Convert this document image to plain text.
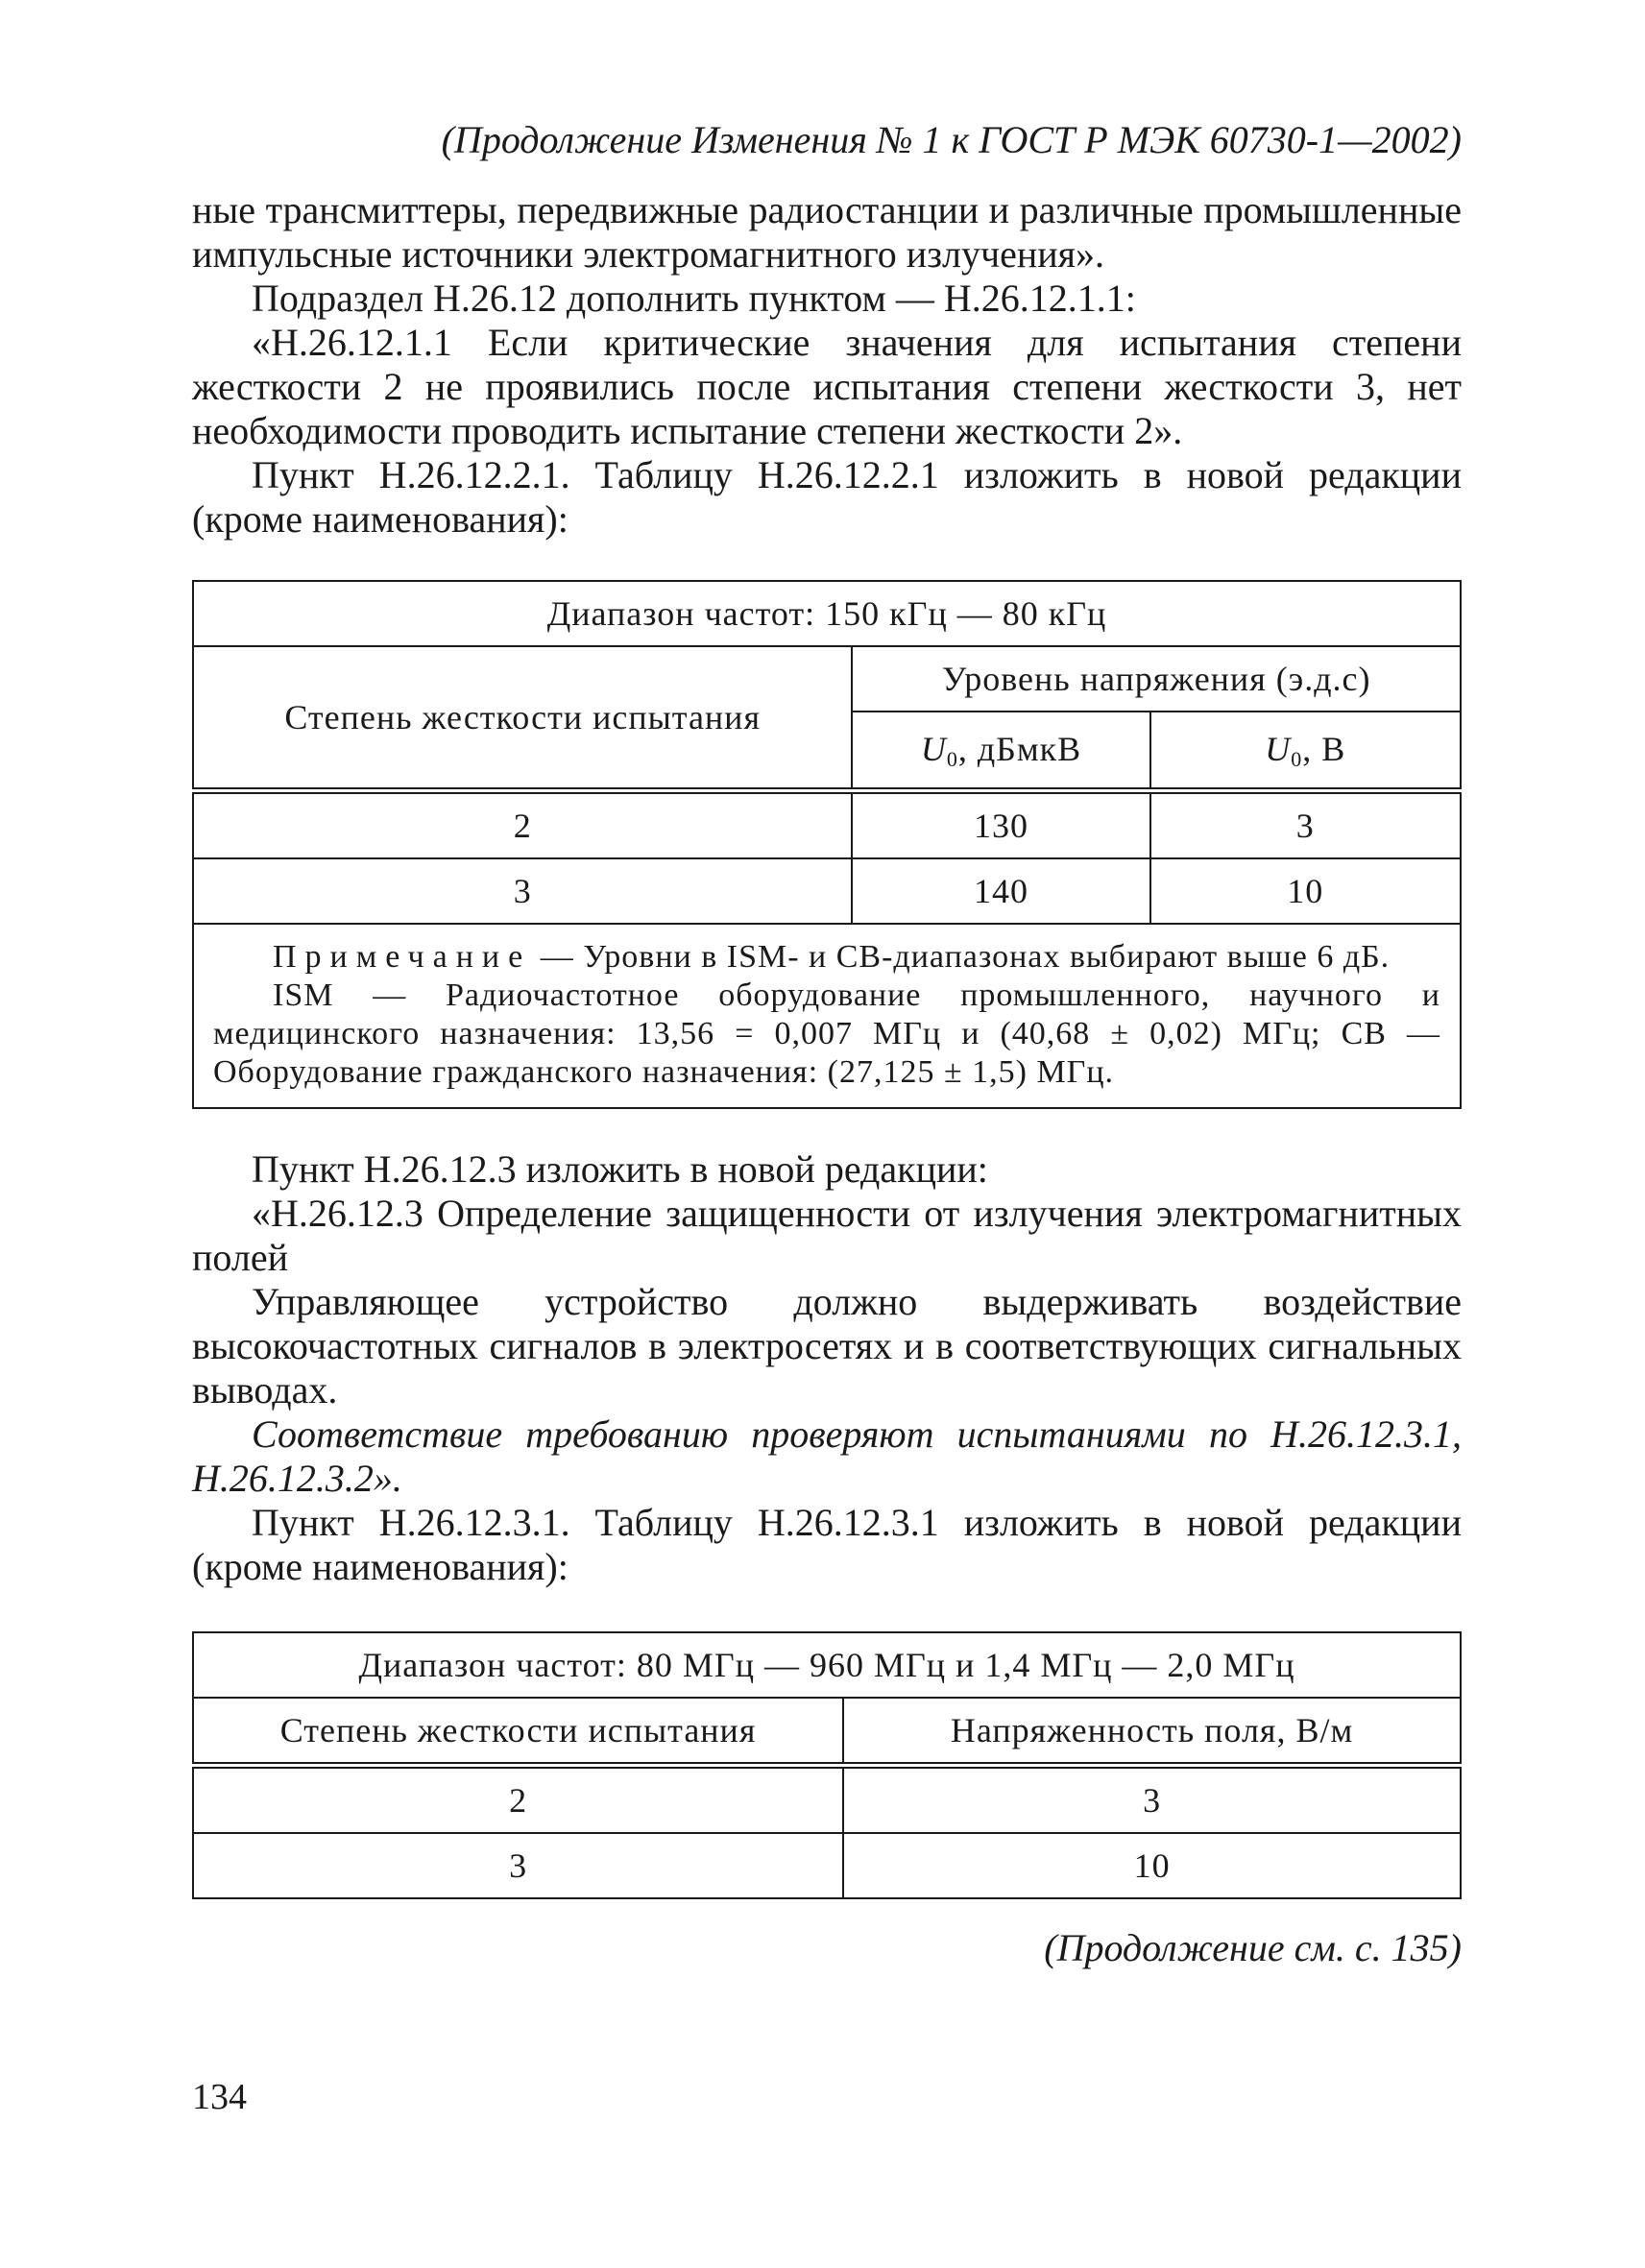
(Продолжение Изменения № 1 к ГОСТ Р МЭК 60730-1—2002)

ные трансмиттеры, передвижные радиостанции и различные промышленные импульсные источники электромагнитного излучения».

Подраздел Н.26.12 дополнить пунктом — Н.26.12.1.1:

«Н.26.12.1.1 Если критические значения для испытания степени жесткости 2 не проявились после испытания степени жесткости 3, нет необходимости проводить испытание степени жесткости 2».

Пункт Н.26.12.2.1. Таблицу Н.26.12.2.1 изложить в новой редакции (кроме наименования):

Диапазон частот: 150 кГц — 80 кГц		
Степень жесткости испытания	Уровень напряжения (э.д.с)	
	$U_0$, дБмкВ	$U_0$, В
2	130	3
3	140	10

Примечание — Уровни в ISM- и CB-диапазонах выбирают выше 6 дБ.

ISM — Радиочастотное оборудование промышленного, научного и медицинского назначения: 13,56 = 0,007 МГц и (40,68 ± 0,02) МГц; CB — Оборудование гражданского назначения: (27,125 ± 1,5) МГц.		

Пункт Н.26.12.3 изложить в новой редакции:

«Н.26.12.3 Определение защищенности от излучения электромагнитных полей

Управляющее устройство должно выдерживать воздействие высокочастотных сигналов в электросетях и в соответствующих сигнальных выводах.

Соответствие требованию проверяют испытаниями по Н.26.12.3.1, Н.26.12.3.2».

Пункт Н.26.12.3.1. Таблицу Н.26.12.3.1 изложить в новой редакции (кроме наименования):

Диапазон частот: 80 МГц — 960 МГц и 1,4 МГц — 2,0 МГц	
Степень жесткости испытания	Напряженность поля, В/м
2	3
3	10
(Продолжение см. с. 135)
134
